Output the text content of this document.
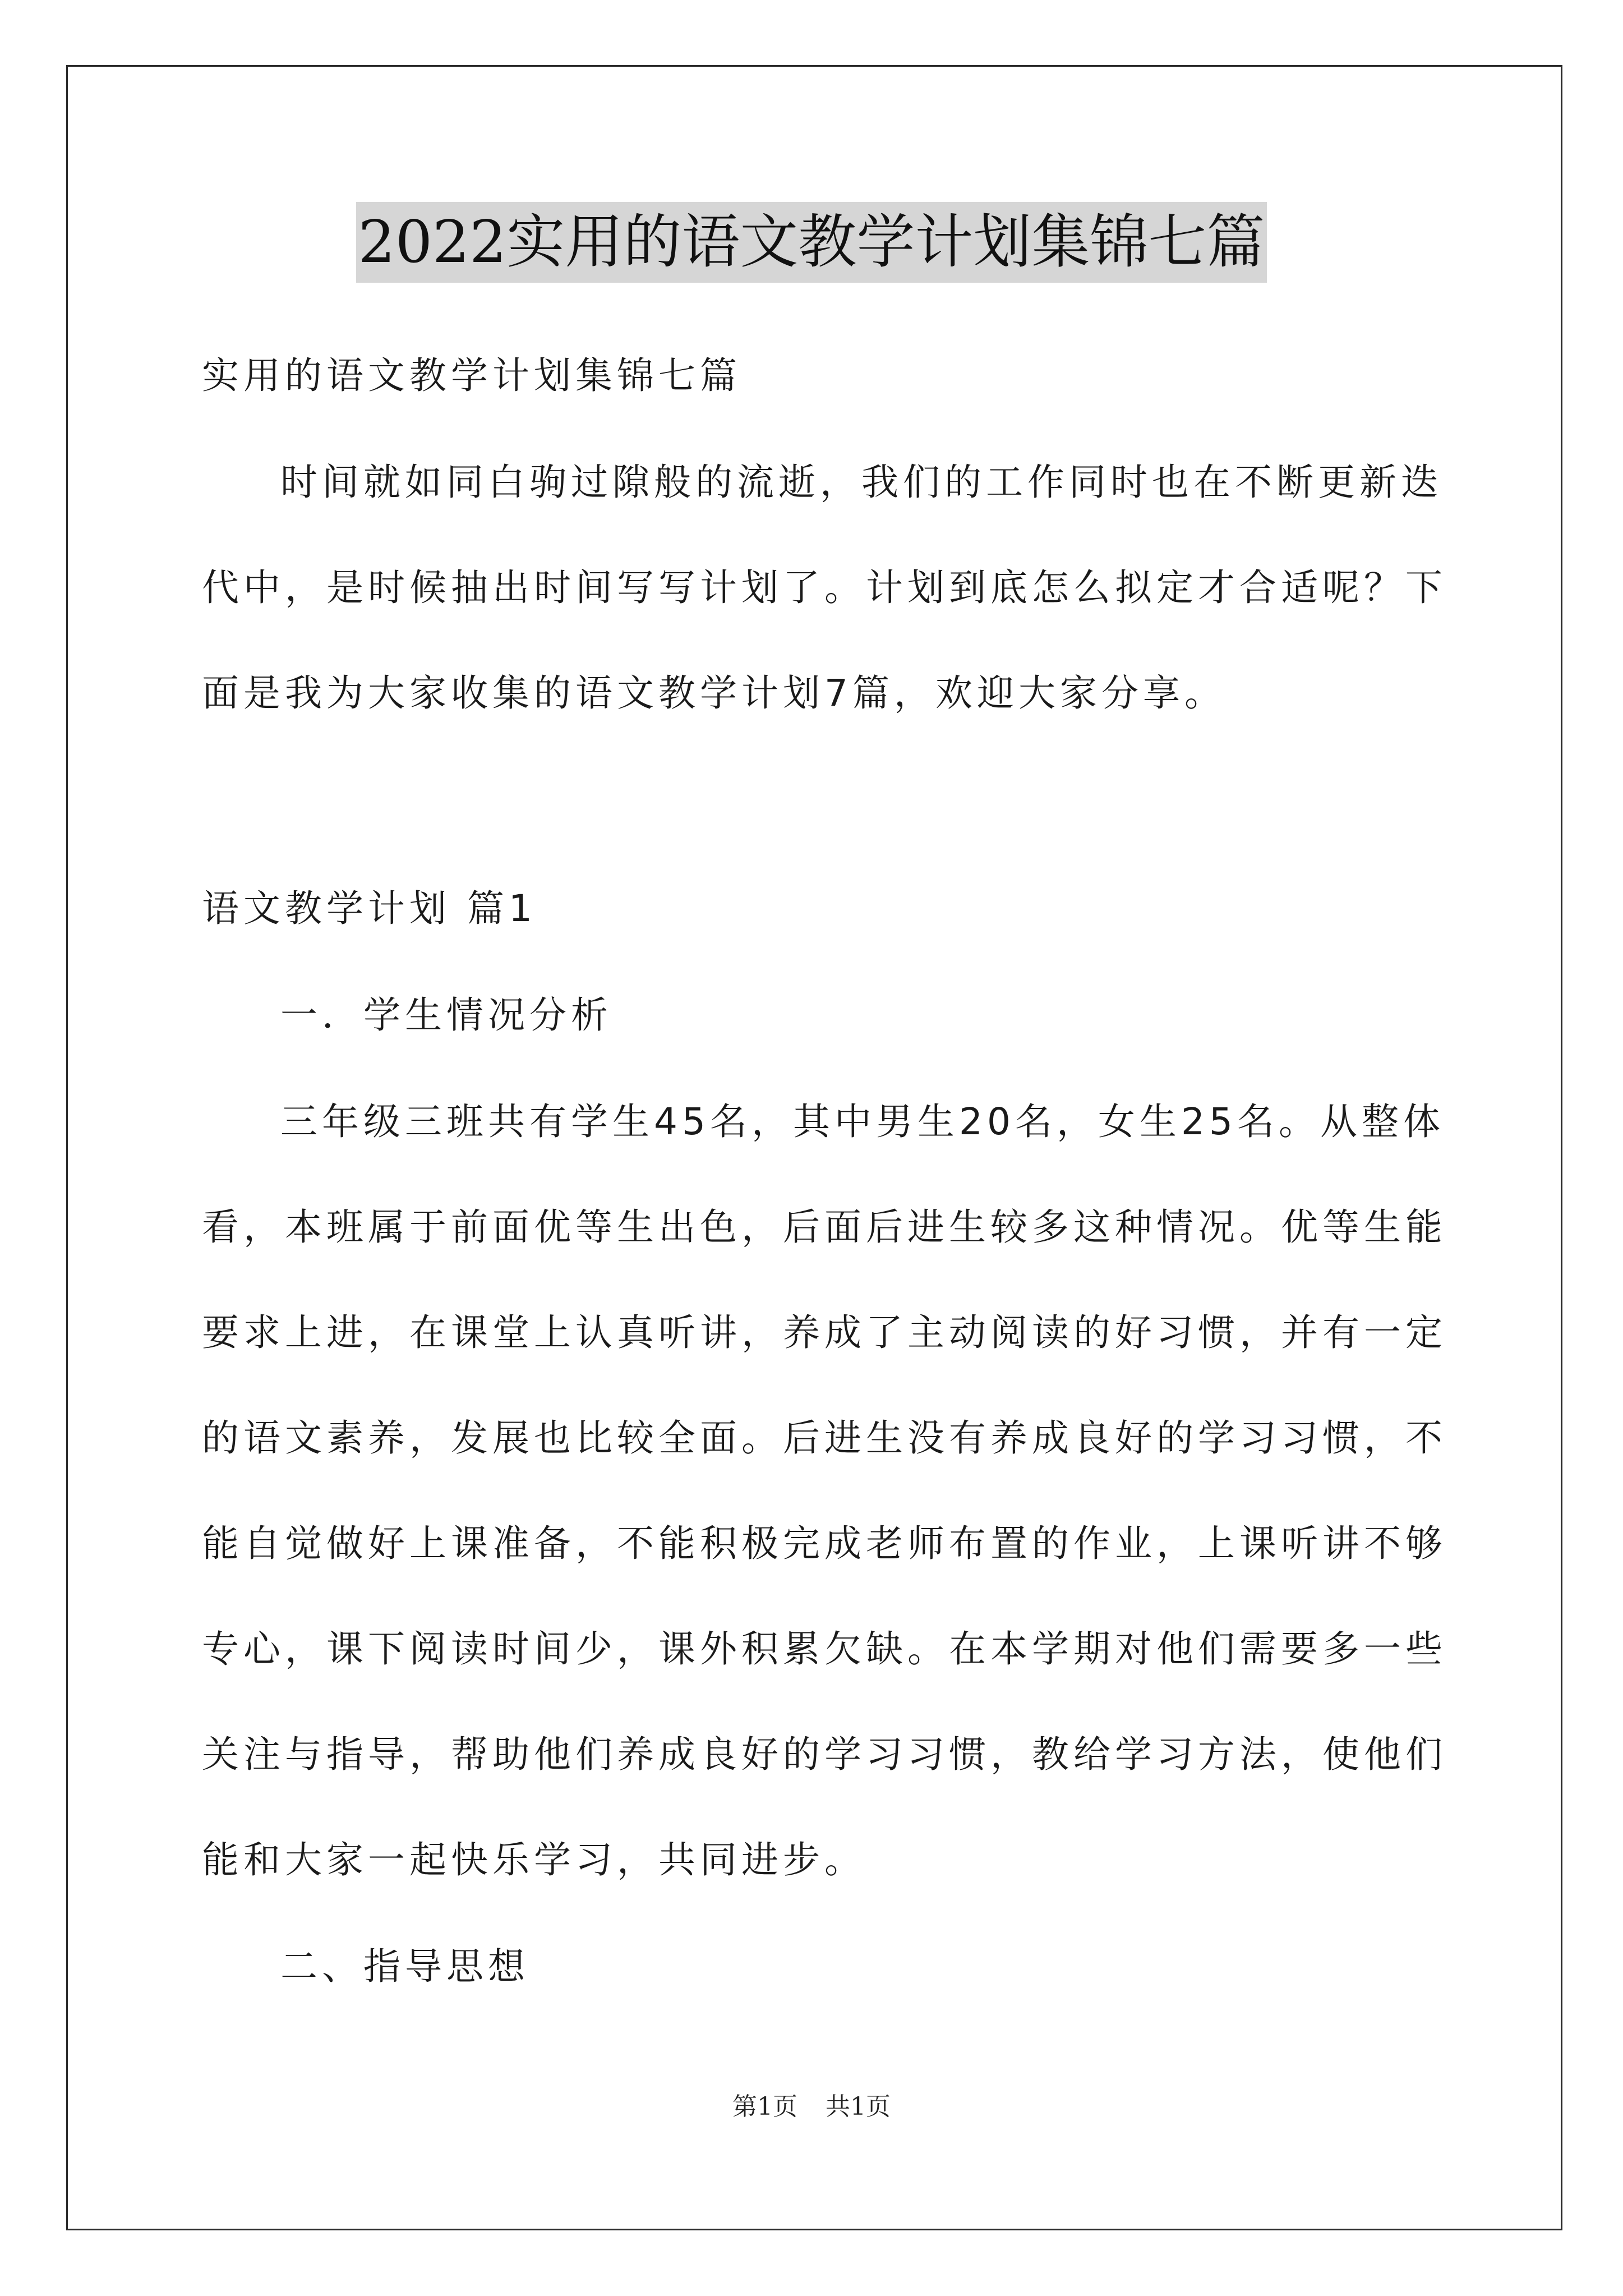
2022实用的语文教学计划集锦七篇
实用的语文教学计划集锦七篇
时间就如同白驹过隙般的流逝，我们的工作同时也在不断更新迭
代中，是时候抽出时间写写计划了。计划到底怎么拟定才合适呢？下
面是我为大家收集的语文教学计划7篇，欢迎大家分享。
语文教学计划 篇1
一．学生情况分析
三年级三班共有学生45名，其中男生20名，女生25名。从整体
看，本班属于前面优等生出色，后面后进生较多这种情况。优等生能
要求上进，在课堂上认真听讲，养成了主动阅读的好习惯，并有一定
的语文素养，发展也比较全面。后进生没有养成良好的学习习惯，不
能自觉做好上课准备，不能积极完成老师布置的作业，上课听讲不够
专心，课下阅读时间少，课外积累欠缺。在本学期对他们需要多一些
关注与指导，帮助他们养成良好的学习习惯，教给学习方法，使他们
能和大家一起快乐学习，共同进步。
二、指导思想
第1页 共1页
